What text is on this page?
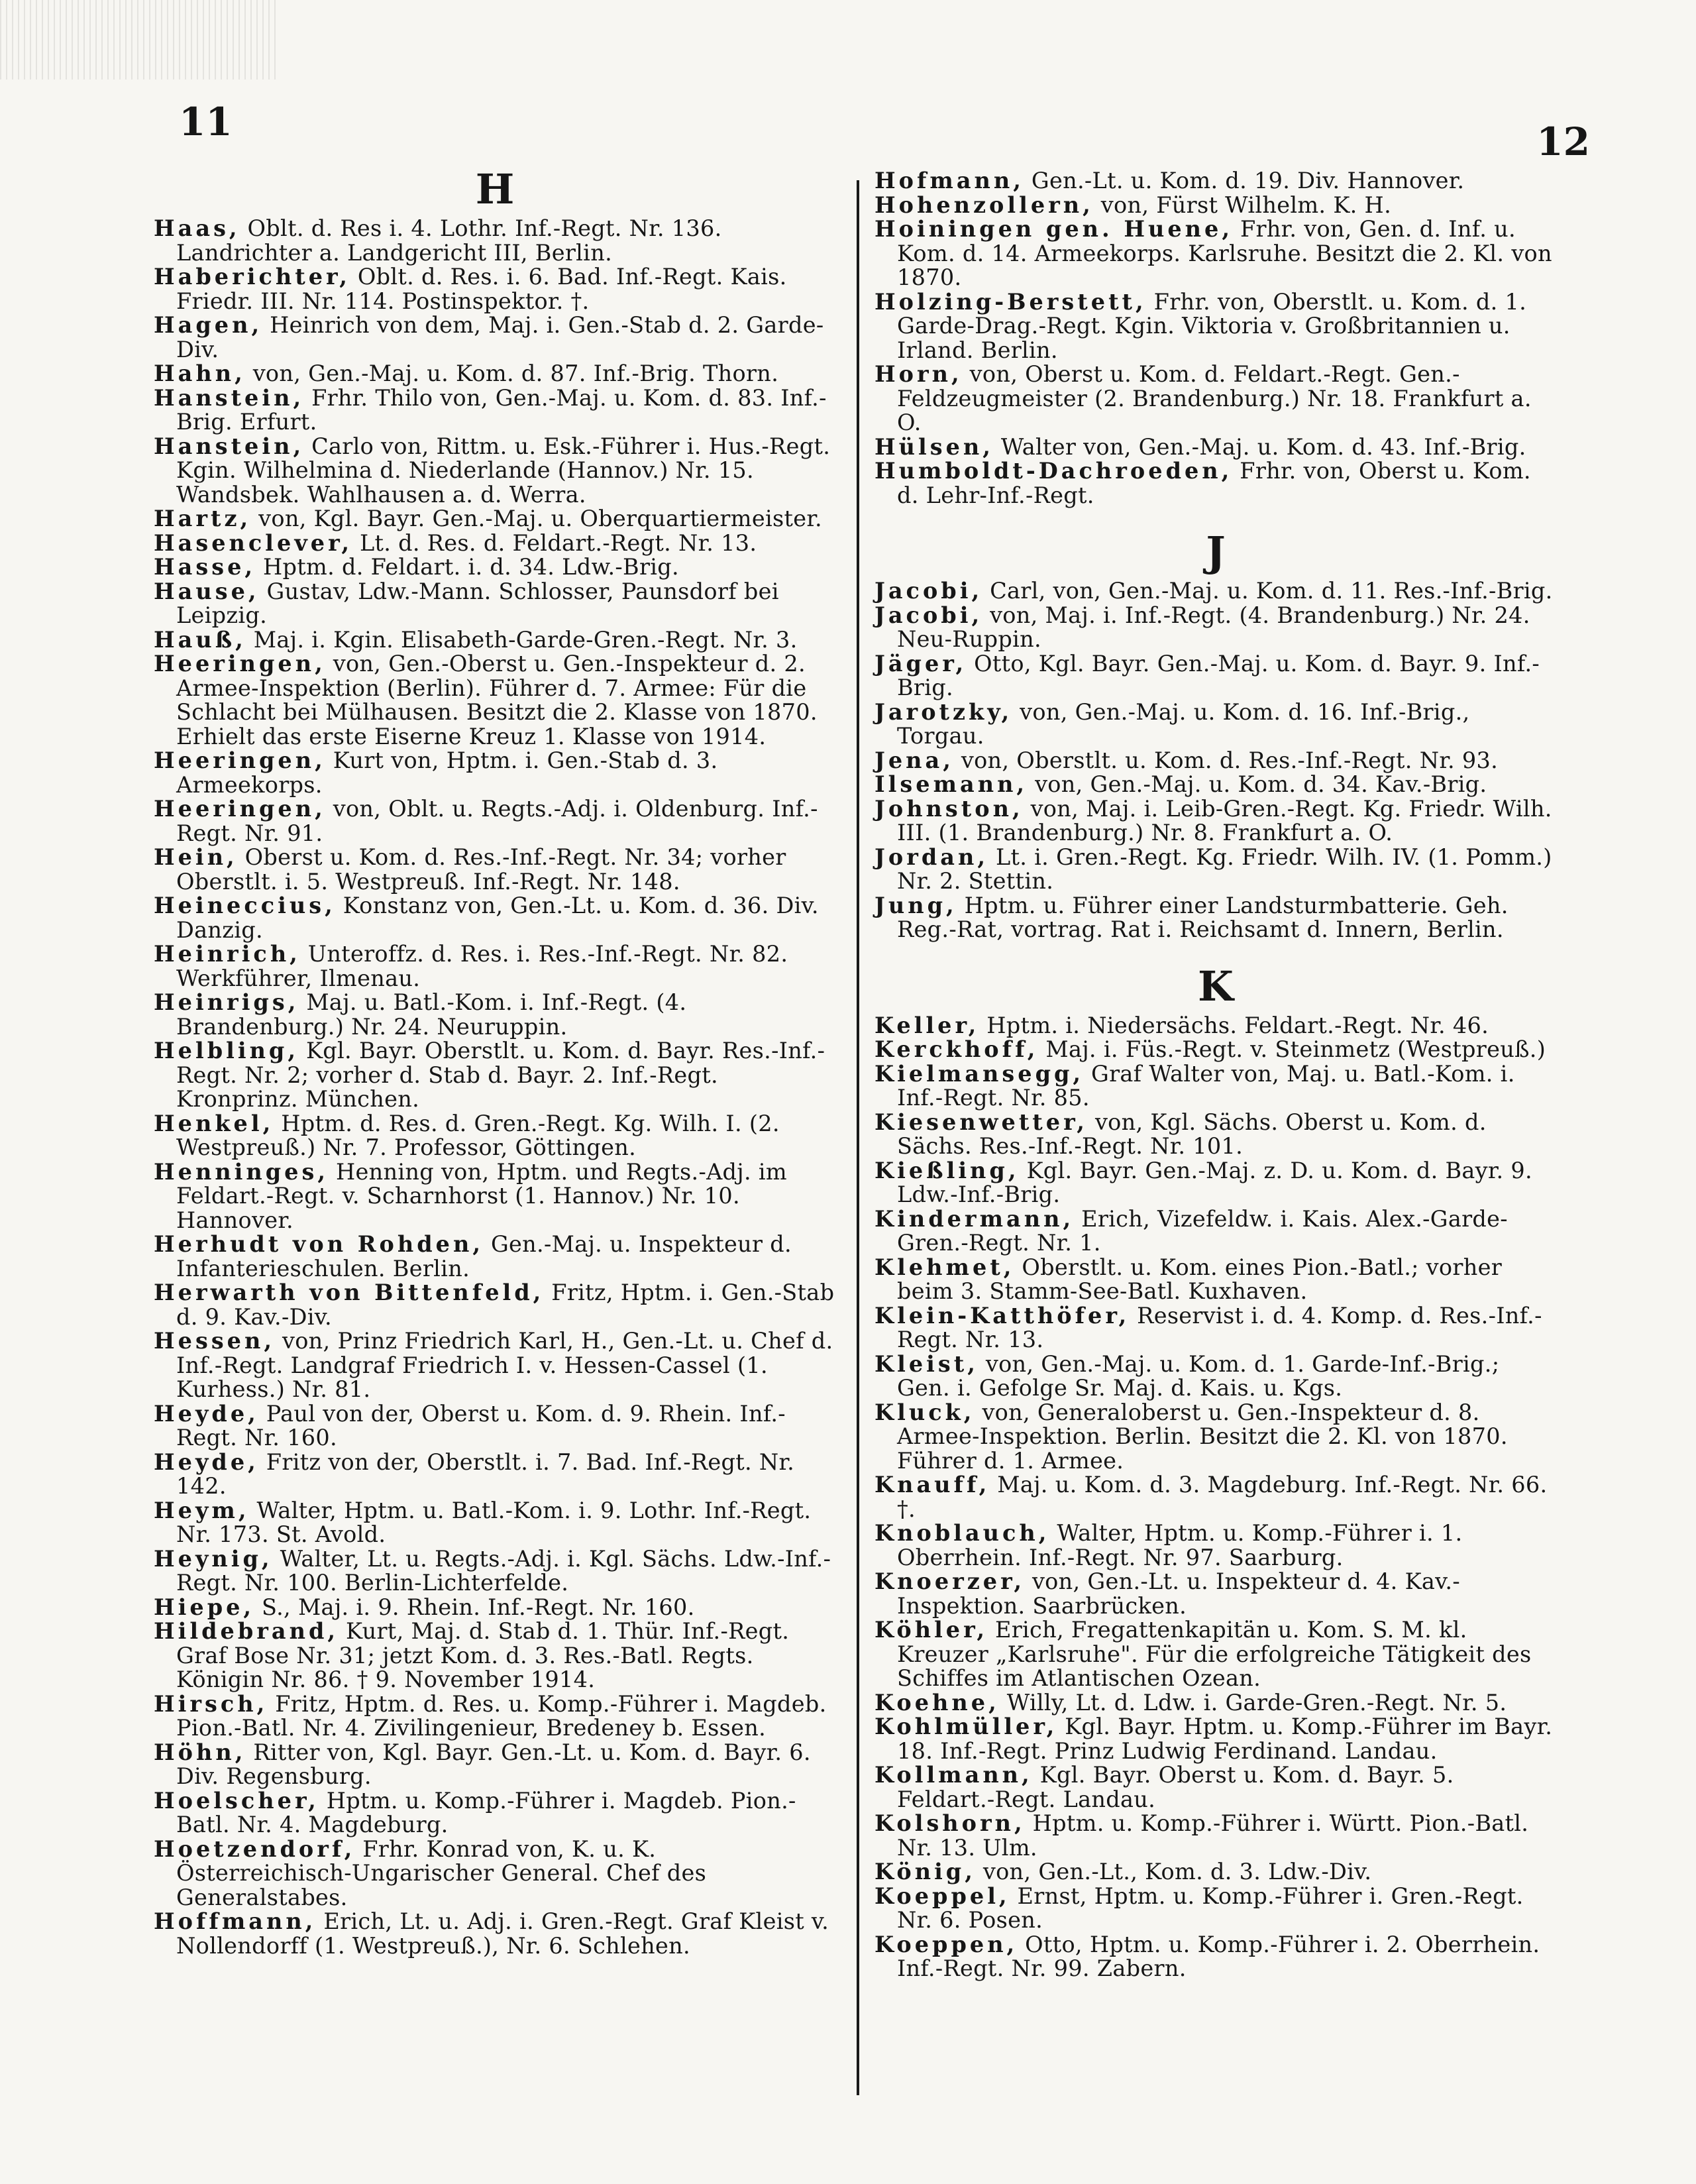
11	12
H

Haas, Oblt. d. Res i. 4. Lothr. Inf.-Regt. Nr. 136. Landrichter a. Landgericht III, Berlin.

Haberichter, Oblt. d. Res. i. 6. Bad. Inf.-Regt. Kais. Friedr. III. Nr. 114. Postinspektor. †.

Hagen, Heinrich von dem, Maj. i. Gen.-Stab d. 2. Garde-Div.

Hahn, von, Gen.-Maj. u. Kom. d. 87. Inf.-Brig. Thorn.

Hanstein, Frhr. Thilo von, Gen.-Maj. u. Kom. d. 83. Inf.-Brig. Erfurt.

Hanstein, Carlo von, Rittm. u. Esk.-Führer i. Hus.-Regt. Kgin. Wilhelmina d. Niederlande (Hannov.) Nr. 15. Wandsbek. Wahlhausen a. d. Werra.

Hartz, von, Kgl. Bayr. Gen.-Maj. u. Oberquartiermeister.

Hasenclever, Lt. d. Res. d. Feldart.-Regt. Nr. 13.

Hasse, Hptm. d. Feldart. i. d. 34. Ldw.-Brig.

Hause, Gustav, Ldw.-Mann. Schlosser, Paunsdorf bei Leipzig.

Hauß, Maj. i. Kgin. Elisabeth-Garde-Gren.-Regt. Nr. 3.

Heeringen, von, Gen.-Oberst u. Gen.-Inspekteur d. 2. Armee-Inspektion (Berlin). Führer d. 7. Armee: Für die Schlacht bei Mülhausen. Besitzt die 2. Klasse von 1870. Erhielt das erste Eiserne Kreuz 1. Klasse von 1914.

Heeringen, Kurt von, Hptm. i. Gen.-Stab d. 3. Armeekorps.

Heeringen, von, Oblt. u. Regts.-Adj. i. Oldenburg. Inf.-Regt. Nr. 91.

Hein, Oberst u. Kom. d. Res.-Inf.-Regt. Nr. 34; vorher Oberstlt. i. 5. Westpreuß. Inf.-Regt. Nr. 148.

Heineccius, Konstanz von, Gen.-Lt. u. Kom. d. 36. Div. Danzig.

Heinrich, Unteroffz. d. Res. i. Res.-Inf.-Regt. Nr. 82. Werkführer, Ilmenau.

Heinrigs, Maj. u. Batl.-Kom. i. Inf.-Regt. (4. Brandenburg.) Nr. 24. Neuruppin.

Helbling, Kgl. Bayr. Oberstlt. u. Kom. d. Bayr. Res.-Inf.-Regt. Nr. 2; vorher d. Stab d. Bayr. 2. Inf.-Regt. Kronprinz. München.

Henkel, Hptm. d. Res. d. Gren.-Regt. Kg. Wilh. I. (2. Westpreuß.) Nr. 7. Professor, Göttingen.

Henninges, Henning von, Hptm. und Regts.-Adj. im Feldart.-Regt. v. Scharnhorst (1. Hannov.) Nr. 10. Hannover.

Herhudt von Rohden, Gen.-Maj. u. Inspekteur d. Infanterieschulen. Berlin.

Herwarth von Bittenfeld, Fritz, Hptm. i. Gen.-Stab d. 9. Kav.-Div.

Hessen, von, Prinz Friedrich Karl, H., Gen.-Lt. u. Chef d. Inf.-Regt. Landgraf Friedrich I. v. Hessen-Cassel (1. Kurhess.) Nr. 81.

Heyde, Paul von der, Oberst u. Kom. d. 9. Rhein. Inf.-Regt. Nr. 160.

Heyde, Fritz von der, Oberstlt. i. 7. Bad. Inf.-Regt. Nr. 142.

Heym, Walter, Hptm. u. Batl.-Kom. i. 9. Lothr. Inf.-Regt. Nr. 173. St. Avold.

Heynig, Walter, Lt. u. Regts.-Adj. i. Kgl. Sächs. Ldw.-Inf.-Regt. Nr. 100. Berlin-Lichterfelde.

Hiepe, S., Maj. i. 9. Rhein. Inf.-Regt. Nr. 160.

Hildebrand, Kurt, Maj. d. Stab d. 1. Thür. Inf.-Regt. Graf Bose Nr. 31; jetzt Kom. d. 3. Res.-Batl. Regts. Königin Nr. 86. † 9. November 1914.

Hirsch, Fritz, Hptm. d. Res. u. Komp.-Führer i. Magdeb. Pion.-Batl. Nr. 4. Zivilingenieur, Bredeney b. Essen.

Höhn, Ritter von, Kgl. Bayr. Gen.-Lt. u. Kom. d. Bayr. 6. Div. Regensburg.

Hoelscher, Hptm. u. Komp.-Führer i. Magdeb. Pion.-Batl. Nr. 4. Magdeburg.

Hoetzendorf, Frhr. Konrad von, K. u. K. Österreichisch-Ungarischer General. Chef des Generalstabes.

Hoffmann, Erich, Lt. u. Adj. i. Gren.-Regt. Graf Kleist v. Nollendorff (1. Westpreuß.), Nr. 6. Schlehen.

Hofmann, Gen.-Lt. u. Kom. d. 19. Div. Hannover.

Hohenzollern, von, Fürst Wilhelm. K. H.

Hoiningen gen. Huene, Frhr. von, Gen. d. Inf. u. Kom. d. 14. Armeekorps. Karlsruhe. Besitzt die 2. Kl. von 1870.

Holzing-Berstett, Frhr. von, Oberstlt. u. Kom. d. 1. Garde-Drag.-Regt. Kgin. Viktoria v. Großbritannien u. Irland. Berlin.

Horn, von, Oberst u. Kom. d. Feldart.-Regt. Gen.-Feldzeugmeister (2. Brandenburg.) Nr. 18. Frankfurt a. O.

Hülsen, Walter von, Gen.-Maj. u. Kom. d. 43. Inf.-Brig.

Humboldt-Dachroeden, Frhr. von, Oberst u. Kom. d. Lehr-Inf.-Regt.

J

Jacobi, Carl, von, Gen.-Maj. u. Kom. d. 11. Res.-Inf.-Brig.

Jacobi, von, Maj. i. Inf.-Regt. (4. Brandenburg.) Nr. 24. Neu-Ruppin.

Jäger, Otto, Kgl. Bayr. Gen.-Maj. u. Kom. d. Bayr. 9. Inf.-Brig.

Jarotzky, von, Gen.-Maj. u. Kom. d. 16. Inf.-Brig., Torgau.

Jena, von, Oberstlt. u. Kom. d. Res.-Inf.-Regt. Nr. 93.

Ilsemann, von, Gen.-Maj. u. Kom. d. 34. Kav.-Brig.

Johnston, von, Maj. i. Leib-Gren.-Regt. Kg. Friedr. Wilh. III. (1. Brandenburg.) Nr. 8. Frankfurt a. O.

Jordan, Lt. i. Gren.-Regt. Kg. Friedr. Wilh. IV. (1. Pomm.) Nr. 2. Stettin.

Jung, Hptm. u. Führer einer Landsturmbatterie. Geh. Reg.-Rat, vortrag. Rat i. Reichsamt d. Innern, Berlin.

K

Keller, Hptm. i. Niedersächs. Feldart.-Regt. Nr. 46.

Kerckhoff, Maj. i. Füs.-Regt. v. Steinmetz (Westpreuß.)

Kielmansegg, Graf Walter von, Maj. u. Batl.-Kom. i. Inf.-Regt. Nr. 85.

Kiesenwetter, von, Kgl. Sächs. Oberst u. Kom. d. Sächs. Res.-Inf.-Regt. Nr. 101.

Kießling, Kgl. Bayr. Gen.-Maj. z. D. u. Kom. d. Bayr. 9. Ldw.-Inf.-Brig.

Kindermann, Erich, Vizefeldw. i. Kais. Alex.-Garde-Gren.-Regt. Nr. 1.

Klehmet, Oberstlt. u. Kom. eines Pion.-Batl.; vorher beim 3. Stamm-See-Batl. Kuxhaven.

Klein-Katthöfer, Reservist i. d. 4. Komp. d. Res.-Inf.-Regt. Nr. 13.

Kleist, von, Gen.-Maj. u. Kom. d. 1. Garde-Inf.-Brig.; Gen. i. Gefolge Sr. Maj. d. Kais. u. Kgs.

Kluck, von, Generaloberst u. Gen.-Inspekteur d. 8. Armee-Inspektion. Berlin. Besitzt die 2. Kl. von 1870. Führer d. 1. Armee.

Knauff, Maj. u. Kom. d. 3. Magdeburg. Inf.-Regt. Nr. 66. †.

Knoblauch, Walter, Hptm. u. Komp.-Führer i. 1. Oberrhein. Inf.-Regt. Nr. 97. Saarburg.

Knoerzer, von, Gen.-Lt. u. Inspekteur d. 4. Kav.-Inspektion. Saarbrücken.

Köhler, Erich, Fregattenkapitän u. Kom. S. M. kl. Kreuzer „Karlsruhe". Für die erfolgreiche Tätigkeit des Schiffes im Atlantischen Ozean.

Koehne, Willy, Lt. d. Ldw. i. Garde-Gren.-Regt. Nr. 5.

Kohlmüller, Kgl. Bayr. Hptm. u. Komp.-Führer im Bayr. 18. Inf.-Regt. Prinz Ludwig Ferdinand. Landau.

Kollmann, Kgl. Bayr. Oberst u. Kom. d. Bayr. 5. Feldart.-Regt. Landau.

Kolshorn, Hptm. u. Komp.-Führer i. Württ. Pion.-Batl. Nr. 13. Ulm.

König, von, Gen.-Lt., Kom. d. 3. Ldw.-Div.

Koeppel, Ernst, Hptm. u. Komp.-Führer i. Gren.-Regt. Nr. 6. Posen.

Koeppen, Otto, Hptm. u. Komp.-Führer i. 2. Oberrhein. Inf.-Regt. Nr. 99. Zabern.
